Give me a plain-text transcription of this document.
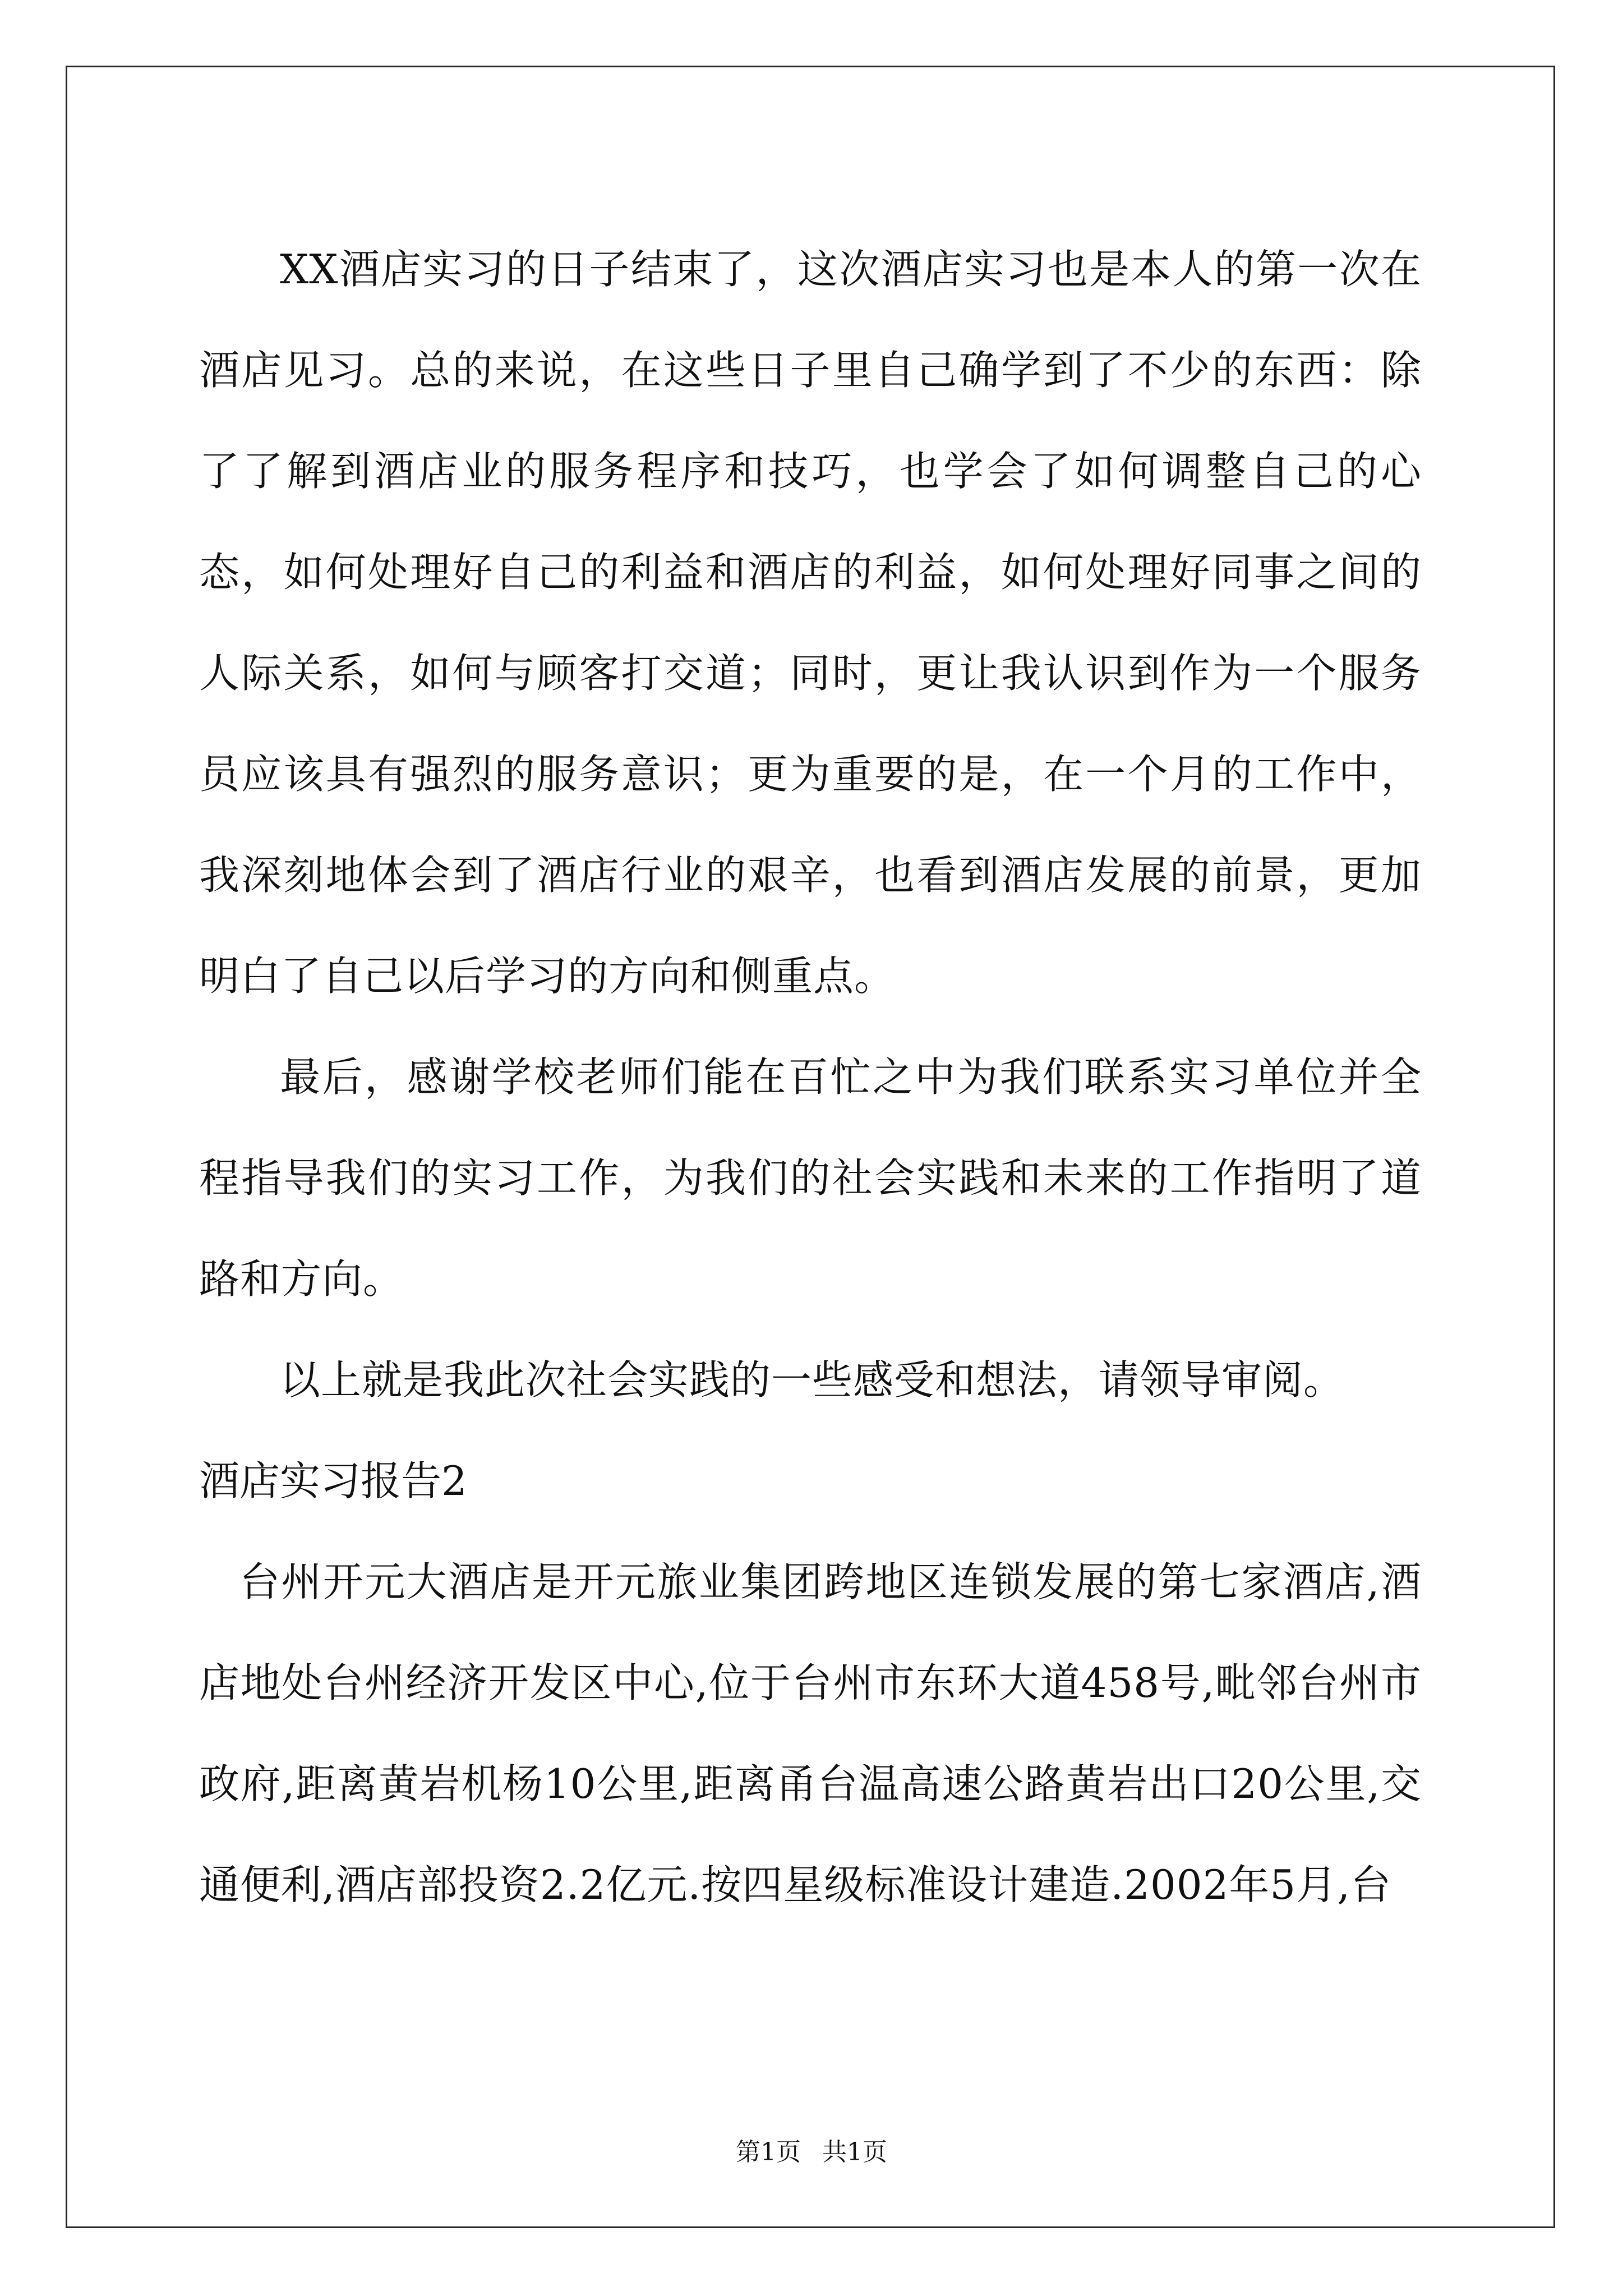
XX酒店实习的日子结束了，这次酒店实习也是本人的第一次在酒店见习。总的来说，在这些日子里自己确学到了不少的东西：除了了解到酒店业的服务程序和技巧，也学会了如何调整自己的心态，如何处理好自己的利益和酒店的利益，如何处理好同事之间的人际关系，如何与顾客打交道；同时，更让我认识到作为一个服务员应该具有强烈的服务意识；更为重要的是，在一个月的工作中，我深刻地体会到了酒店行业的艰辛，也看到酒店发展的前景，更加明白了自己以后学习的方向和侧重点。

最后，感谢学校老师们能在百忙之中为我们联系实习单位并全程指导我们的实习工作，为我们的社会实践和未来的工作指明了道路和方向。

以上就是我此次社会实践的一些感受和想法，请领导审阅。

酒店实习报告2

台州开元大酒店是开元旅业集团跨地区连锁发展的第七家酒店,酒店地处台州经济开发区中心,位于台州市东环大道458号,毗邻台州市政府,距离黄岩机杨10公里,距离甬台温高速公路黄岩出口20公里,交通便利,酒店部投资2.2亿元.按四星级标准设计建造.2002年5月,台

第1页 共1页
